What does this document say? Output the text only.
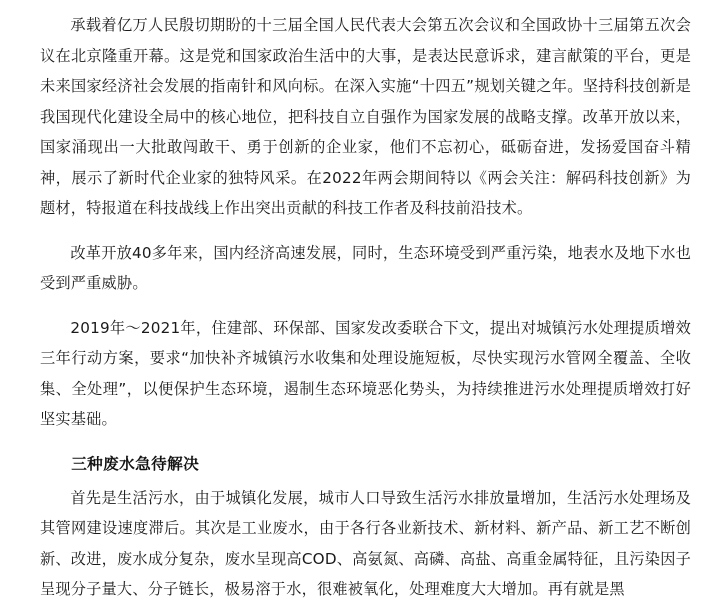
承载着亿万人民殷切期盼的十三届全国人民代表大会第五次会议和全国政协十三届第五次会议在北京隆重开幕。这是党和国家政治生活中的大事，是表达民意诉求，建言献策的平台，更是未来国家经济社会发展的指南针和风向标。在深入实施“十四五”规划关键之年。坚持科技创新是我国现代化建设全局中的核心地位，把科技自立自强作为国家发展的战略支撑。改革开放以来，国家涌现出一大批敢闯敢干、勇于创新的企业家，他们不忘初心，砥砺奋进，发扬爱国奋斗精神，展示了新时代企业家的独特风采。在2022年两会期间特以《两会关注：解码科技创新》为题材，特报道在科技战线上作出突出贡献的科技工作者及科技前沿技术。

改革开放40多年来，国内经济高速发展，同时，生态环境受到严重污染，地表水及地下水也受到严重威胁。

2019年～2021年，住建部、环保部、国家发改委联合下文，提出对城镇污水处理提质增效三年行动方案，要求“加快补齐城镇污水收集和处理设施短板，尽快实现污水管网全覆盖、全收集、全处理”，以便保护生态环境，遏制生态环境恶化势头，为持续推进污水处理提质增效打好坚实基础。

三种废水急待解决

首先是生活污水，由于城镇化发展，城市人口导致生活污水排放量增加，生活污水处理场及其管网建设速度滞后。其次是工业废水，由于各行各业新技术、新材料、新产品、新工艺不断创新、改进，废水成分复杂，废水呈现高COD、高氨氮、高磷、高盐、高重金属特征，且污染因子呈现分子量大、分子链长，极易溶于水，很难被氧化，处理难度大大增加。再有就是黑
